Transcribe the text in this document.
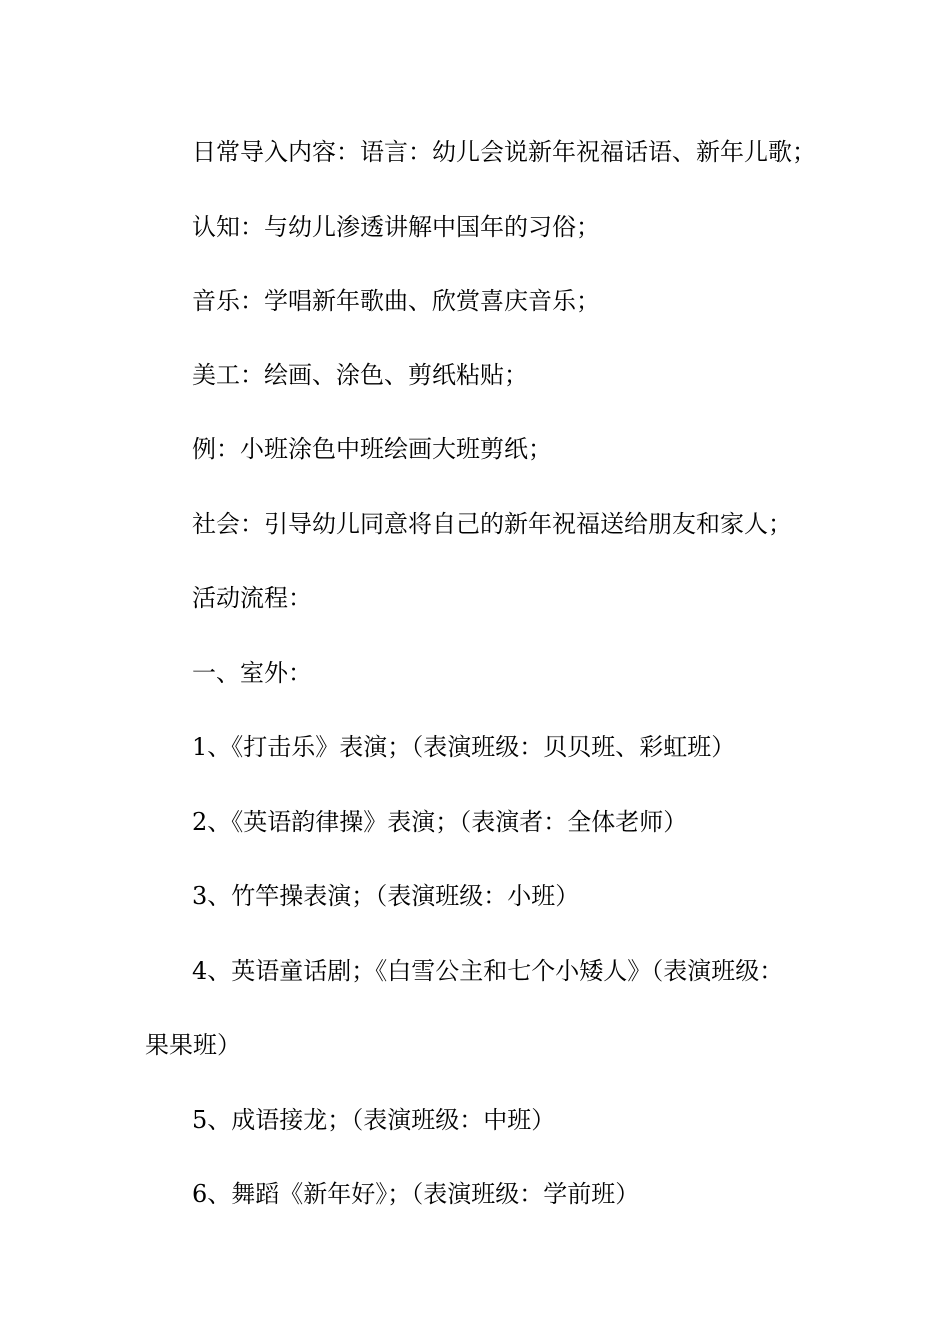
日常导入内容：语言：幼儿会说新年祝福话语、新年儿歌；
认知：与幼儿渗透讲解中国年的习俗；
音乐：学唱新年歌曲、欣赏喜庆音乐；
美工：绘画、涂色、剪纸粘贴；
例：小班涂色中班绘画大班剪纸；
社会：引导幼儿同意将自己的新年祝福送给朋友和家人；
活动流程：
一、室外：
1、《打击乐》表演；（表演班级：贝贝班、彩虹班）
2、《英语韵律操》表演；（表演者：全体老师）
3、竹竿操表演；（表演班级：小班）
4、英语童话剧；《白雪公主和七个小矮人》（表演班级：
果果班）
5、成语接龙；（表演班级：中班）
6、舞蹈《新年好》；（表演班级：学前班）
